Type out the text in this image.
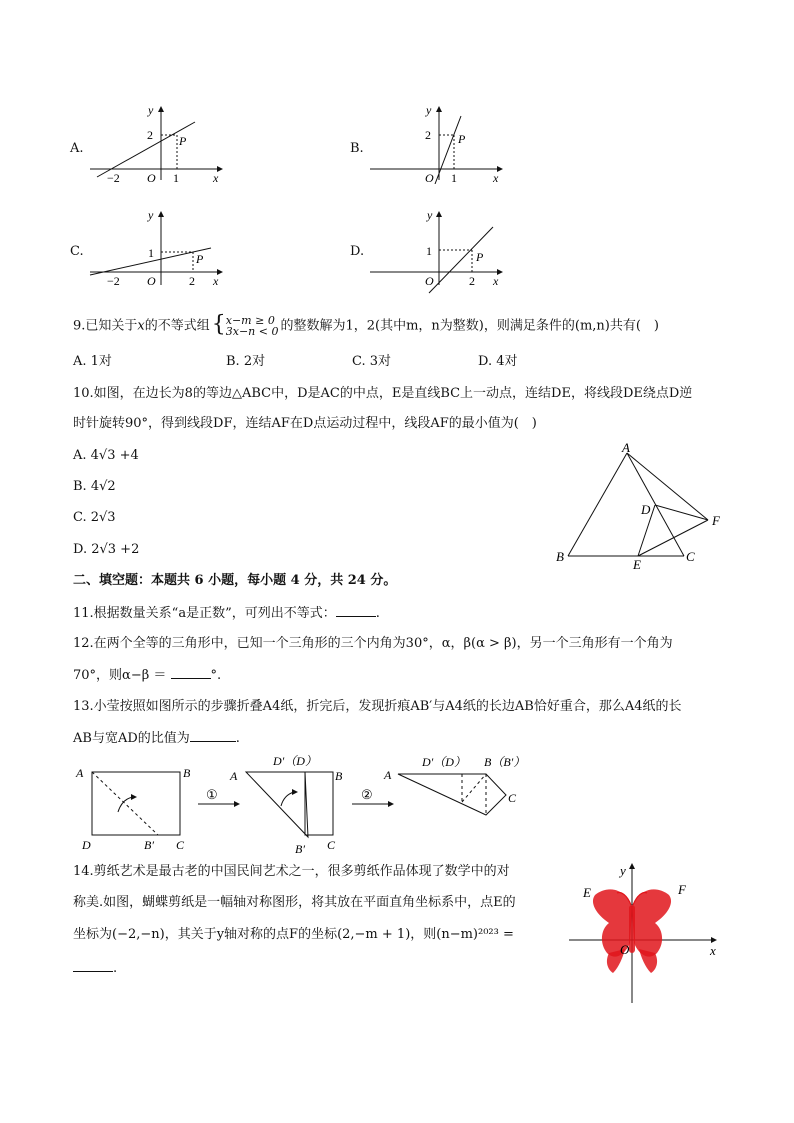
A.
2
1
−2 O
P
x
y
B.
2
1
O
P
x
y
C.	1
2
−2 O
P
x
y
D.	1
2
O
P
x
y
9.已知关于x的不等式组{x−m ≥ 0
3x−n < 0 的整数解为1，2(其中m，n为整数)，则满足条件的(m,n)共有(　)
A. 1对	B. 2对	C. 3对	D. 4对
10.如图，在边长为8的等边△ABC中，D是AC的中点，E是直线BC上一动点，连结DE，将线段DE绕点D逆
时针旋转90°，得到线段DF，连结AF在D点运动过程中，线段AF的最小值为(　)
A. 4√3 +4
B. 4√2
C. 2√3
D. 2√3 +2
A
B	C
D
E
F
二、填空题：本题共 6 小题，每小题 4 分，共 24 分。
11.根据数量关系“a是正数”，可列出不等式：	.
12.在两个全等的三角形中，已知一个三角形的三个内角为30°，α，β(α > β)，另一个三角形有一个角为
70°，则α−β ＝	°.
13.小莹按照如图所示的步骤折叠A4纸，折完后，发现折痕AB′与A4纸的长边AB恰好重合，那么A4纸的长
AB与宽AD的比值为	.
A	B
D	B′ C
①
A
D′（D）
B
B′ C
②
A
D′（D） B（B′）
C
14.剪纸艺术是最古老的中国民间艺术之一，很多剪纸作品体现了数学中的对
称美.如图，蝴蝶剪纸是一幅轴对称图形，将其放在平面直角坐标系中，点E的
坐标为(−2,−n)，其关于y轴对称的点F的坐标(2,−m + 1)，则(n−m)²⁰²³ =
.
E	F
O	x
y
